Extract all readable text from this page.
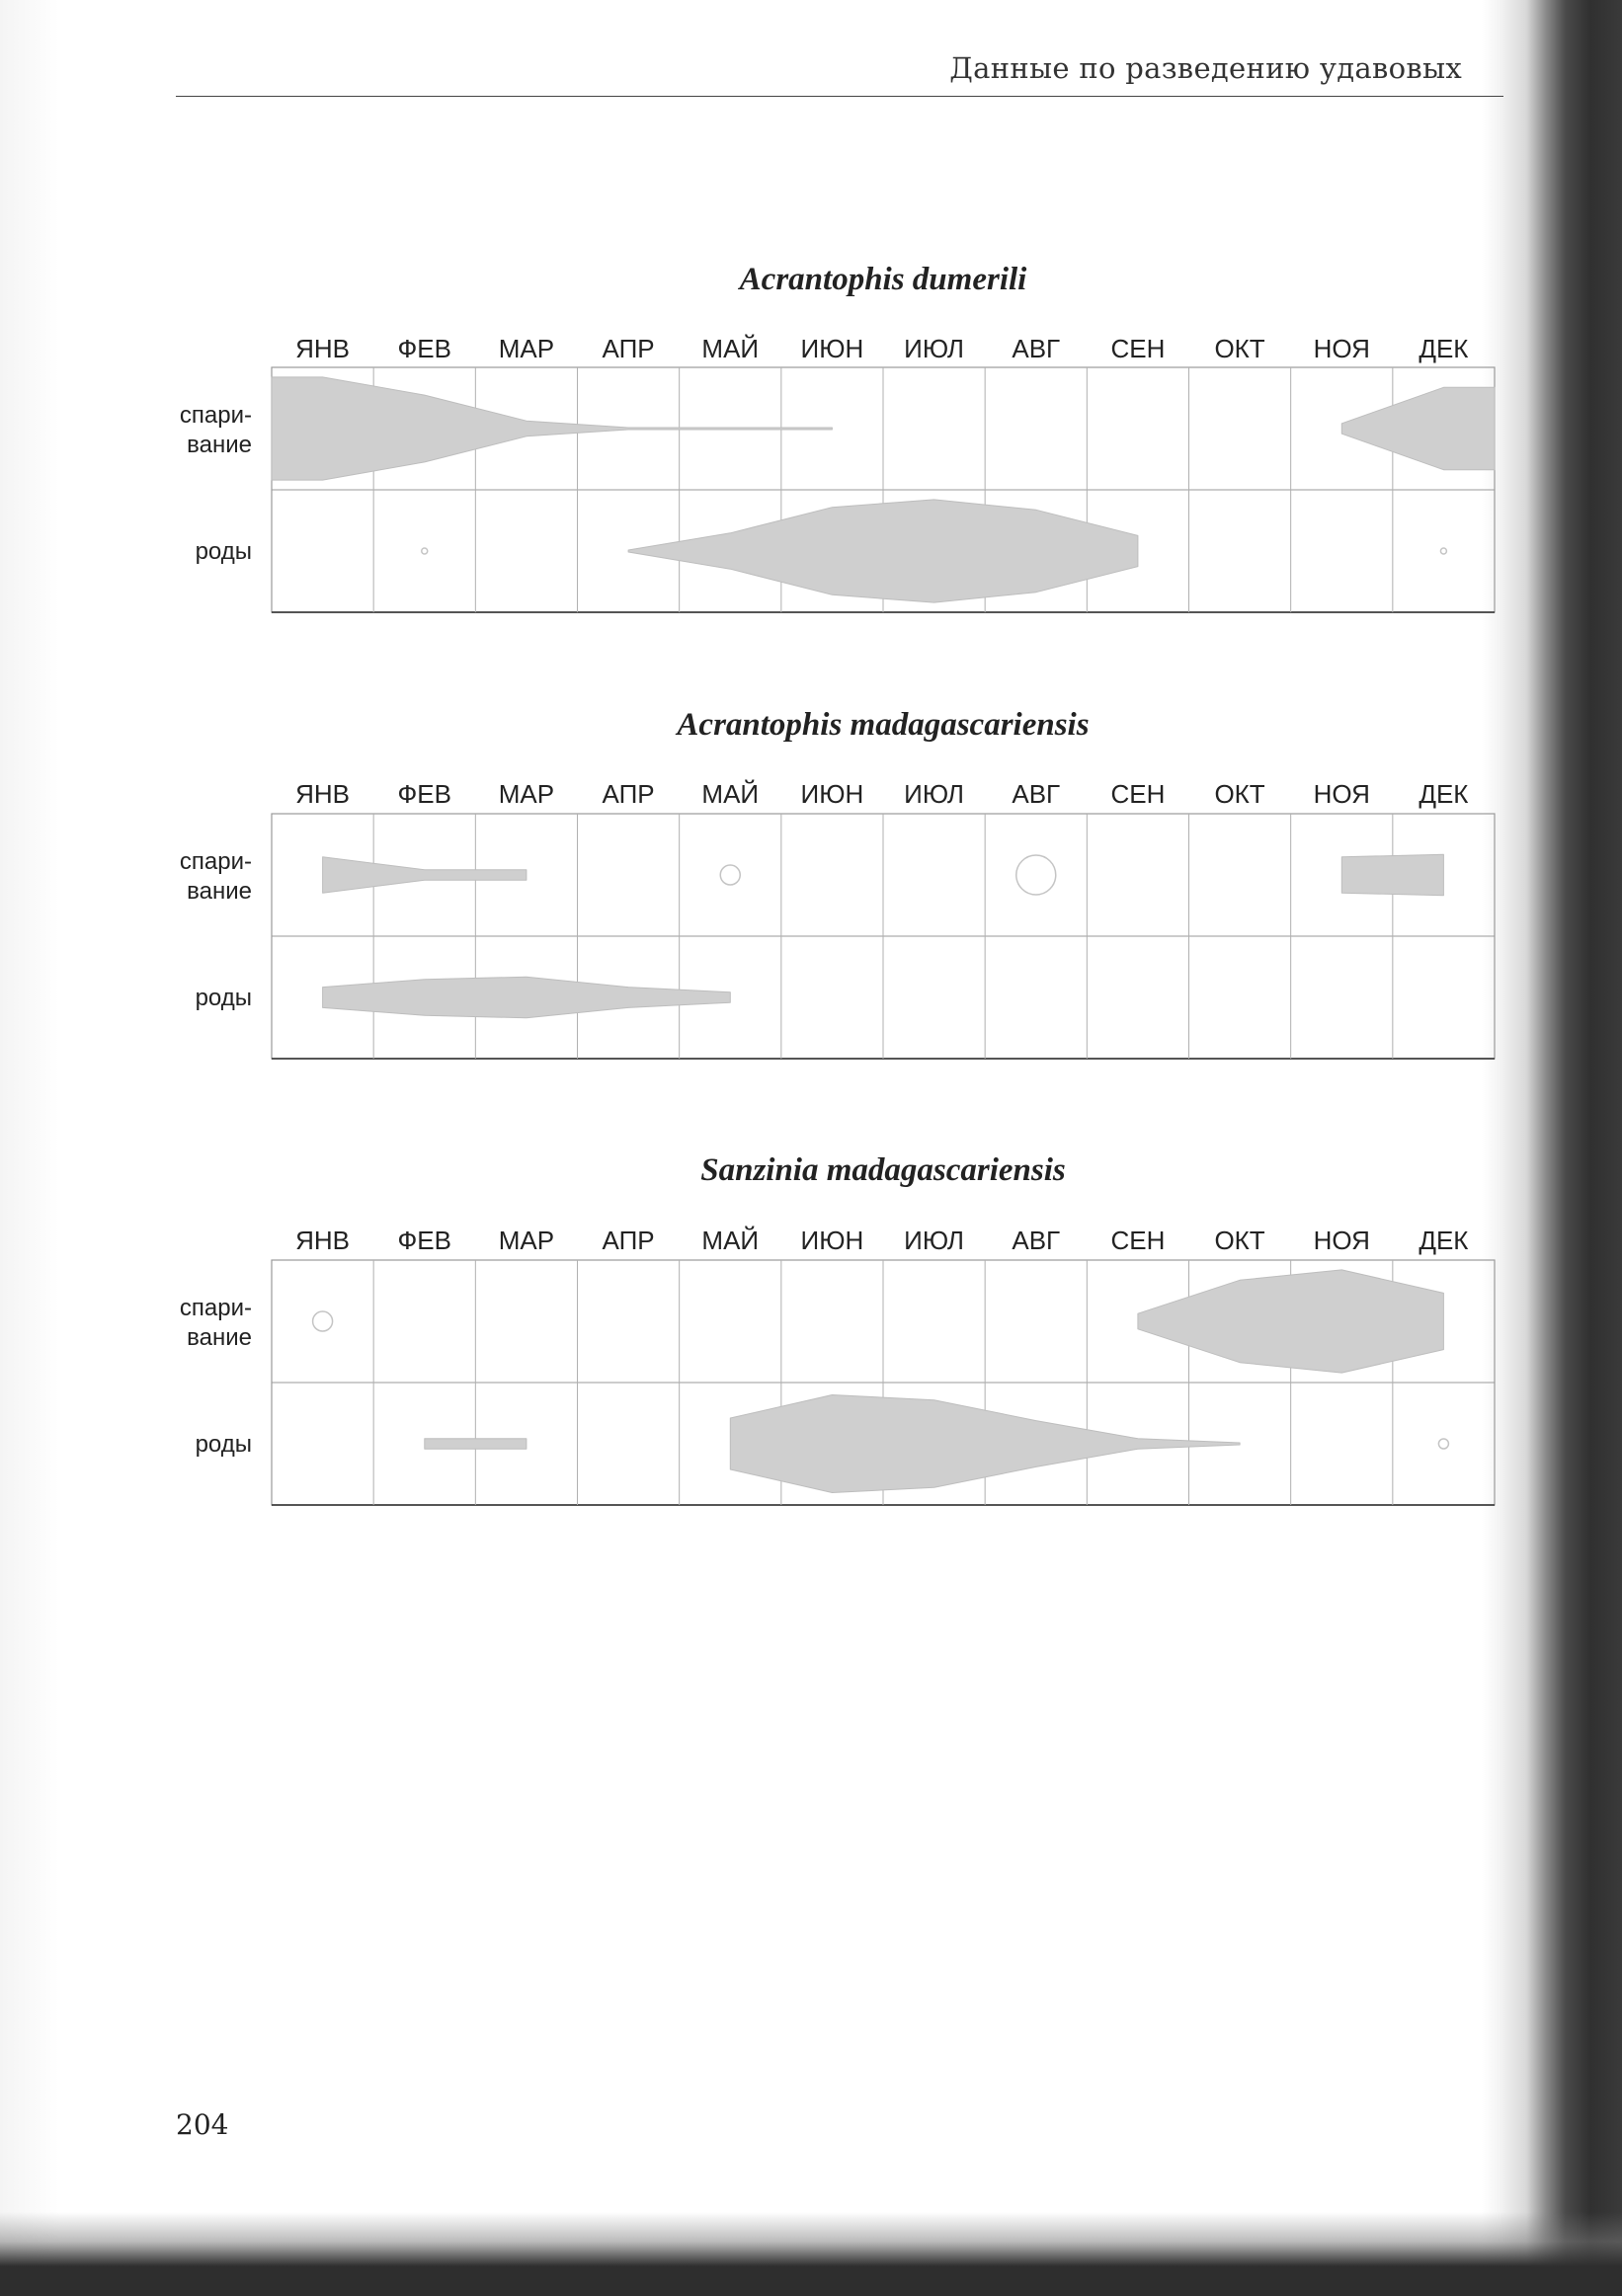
Данные по разведению удавовых
Acrantophis dumerili
Acrantophis madagascariensis
Sanzinia madagascariensis
ЯНВ ФЕВ МАР АПР МАЙ ИЮН ИЮЛ АВГ СЕН ОКТ НОЯ ДЕК
спари-
вание
роды
ЯНВ ФЕВ МАР АПР МАЙ ИЮН ИЮЛ АВГ СЕН ОКТ НОЯ ДЕК
спари-
вание
роды
ЯНВ ФЕВ МАР АПР МАЙ ИЮН ИЮЛ АВГ СЕН ОКТ НОЯ ДЕК
спари-
вание
роды
204
